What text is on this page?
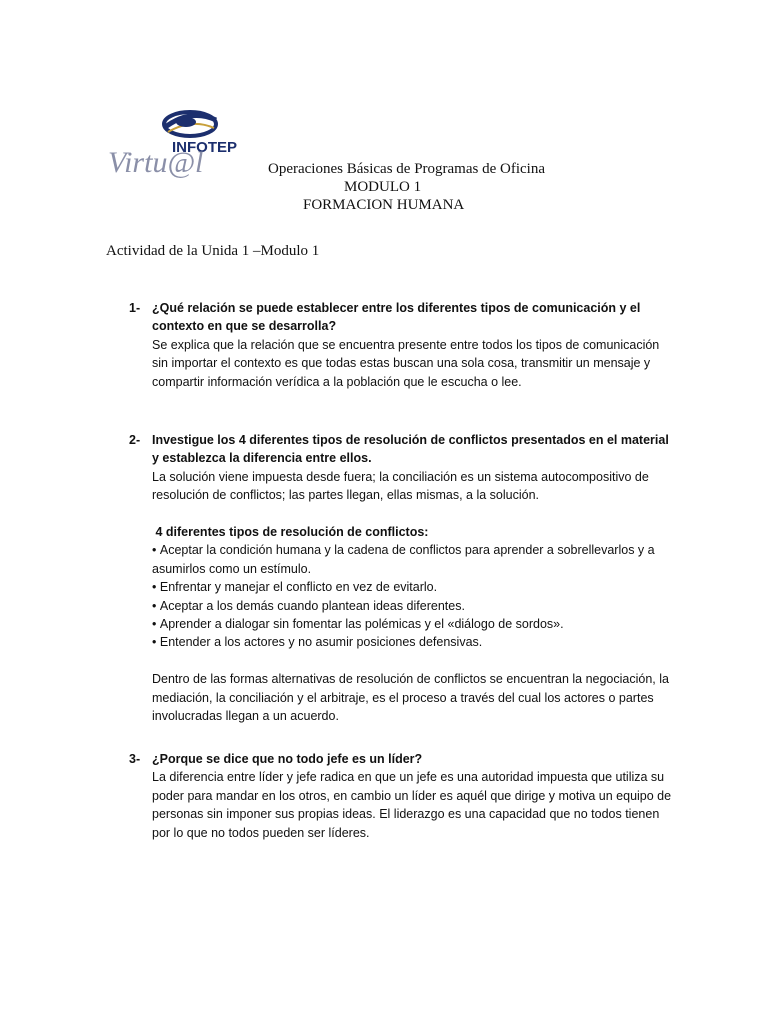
INFOTEP
Virtu@l	Operaciones Básicas de Programas de Oficina
MODULO 1
FORMACION HUMANA
Actividad de la Unida 1 –Modulo 1
1- ¿Qué relación se puede establecer entre los diferentes tipos de comunicación y el contexto en que se desarrolla?

Se explica que la relación que se encuentra presente entre todos los tipos de comunicación sin importar el contexto es que todas estas buscan una sola cosa, transmitir un mensaje y compartir información verídica a la población que le escucha o lee.

2- Investigue los 4 diferentes tipos de resolución de conflictos presentados en el material y establezca la diferencia entre ellos.

La solución viene impuesta desde fuera; la conciliación es un sistema autocompositivo de resolución de conflictos; las partes llegan, ellas mismas, a la solución.

4 diferentes tipos de resolución de conflictos:

• Aceptar la condición humana y la cadena de conflictos para aprender a sobrellevarlos y a asumirlos como un estímulo.
• Enfrentar y manejar el conflicto en vez de evitarlo.
• Aceptar a los demás cuando plantean ideas diferentes.
• Aprender a dialogar sin fomentar las polémicas y el «diálogo de sordos».
• Entender a los actores y no asumir posiciones defensivas.

Dentro de las formas alternativas de resolución de conflictos se encuentran la negociación, la mediación, la conciliación y el arbitraje, es el proceso a través del cual los actores o partes involucradas llegan a un acuerdo.

3- ¿Porque se dice que no todo jefe es un líder?

La diferencia entre líder y jefe radica en que un jefe es una autoridad impuesta que utiliza su poder para mandar en los otros, en cambio un líder es aquél que dirige y motiva un equipo de personas sin imponer sus propias ideas. El liderazgo es una capacidad que no todos tienen por lo que no todos pueden ser líderes.
